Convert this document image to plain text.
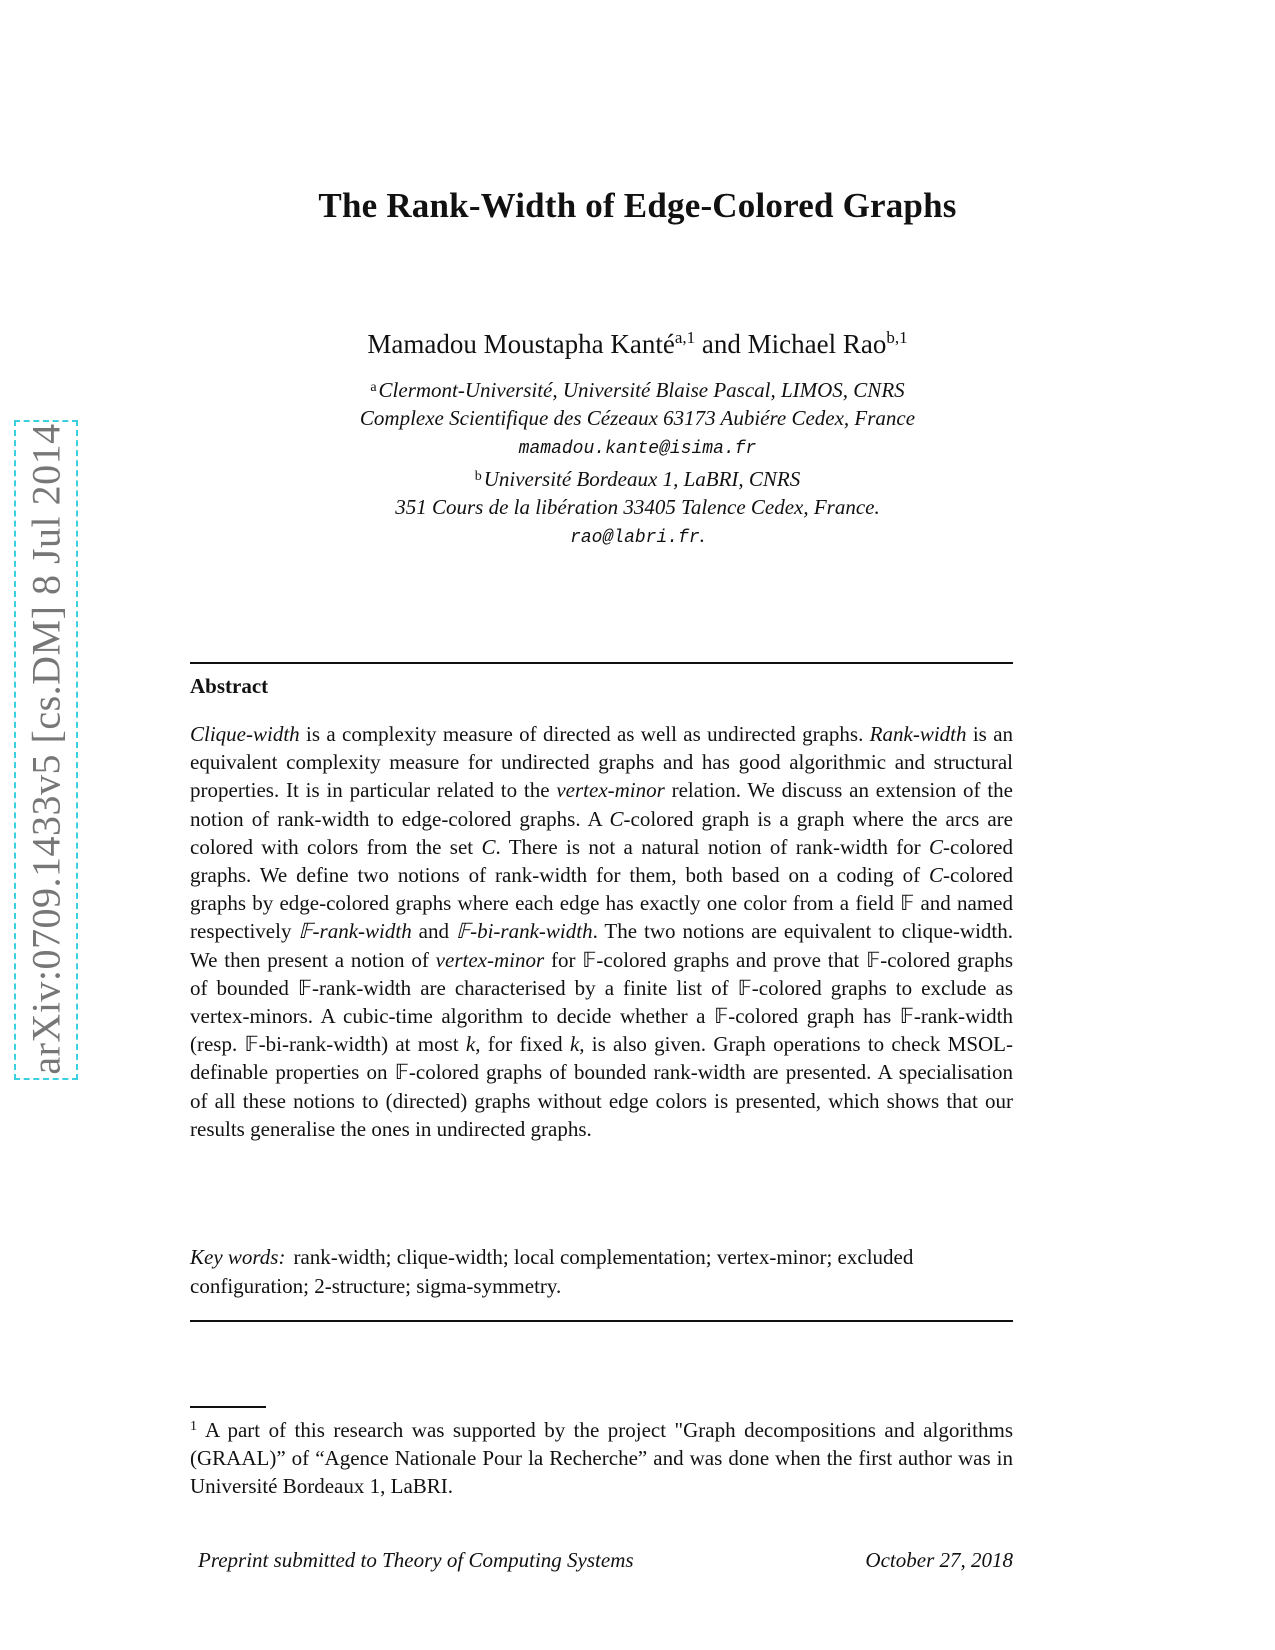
arXiv:0709.1433v5 [cs.DM] 8 Jul 2014
The Rank-Width of Edge-Colored Graphs
Mamadou Moustapha Kanté$^{a,1}$ and Michael Rao$^{b,1}$
$^a$Clermont-Université, Université Blaise Pascal, LIMOS, CNRS
Complexe Scientifique des Cézeaux 63173 Aubiére Cedex, France
mamadou.kante@isima.fr
$^b$Université Bordeaux 1, LaBRI, CNRS
351 Cours de la libération 33405 Talence Cedex, France.
rao@labri.fr.
Abstract
Clique-width is a complexity measure of directed as well as undirected graphs. Rank-width is an equivalent complexity measure for undirected graphs and has good algorithmic and structural properties. It is in particular related to the vertex-minor relation. We discuss an extension of the notion of rank-width to edge-colored graphs. A C-colored graph is a graph where the arcs are colored with colors from the set C. There is not a natural notion of rank-width for C-colored graphs. We define two notions of rank-width for them, both based on a coding of C-colored graphs by edge-colored graphs where each edge has exactly one color from a field 𝔽 and named respectively 𝔽-rank-width and 𝔽-bi-rank-width. The two notions are equivalent to clique-width. We then present a notion of vertex-minor for 𝔽-colored graphs and prove that 𝔽-colored graphs of bounded 𝔽-rank-width are characterised by a finite list of 𝔽-colored graphs to exclude as vertex-minors. A cubic-time algorithm to decide whether a 𝔽-colored graph has 𝔽-rank-width (resp. 𝔽-bi-rank-width) at most k, for fixed k, is also given. Graph operations to check MSOL-definable properties on 𝔽-colored graphs of bounded rank-width are presented. A specialisation of all these notions to (directed) graphs without edge colors is presented, which shows that our results generalise the ones in undirected graphs.
Key words: rank-width; clique-width; local complementation; vertex-minor; excluded configuration; 2-structure; sigma-symmetry.
$^1$ A part of this research was supported by the project "Graph decompositions and algorithms (GRAAL)” of “Agence Nationale Pour la Recherche” and was done when the first author was in Université Bordeaux 1, LaBRI.
Preprint submitted to Theory of Computing Systems	October 27, 2018
